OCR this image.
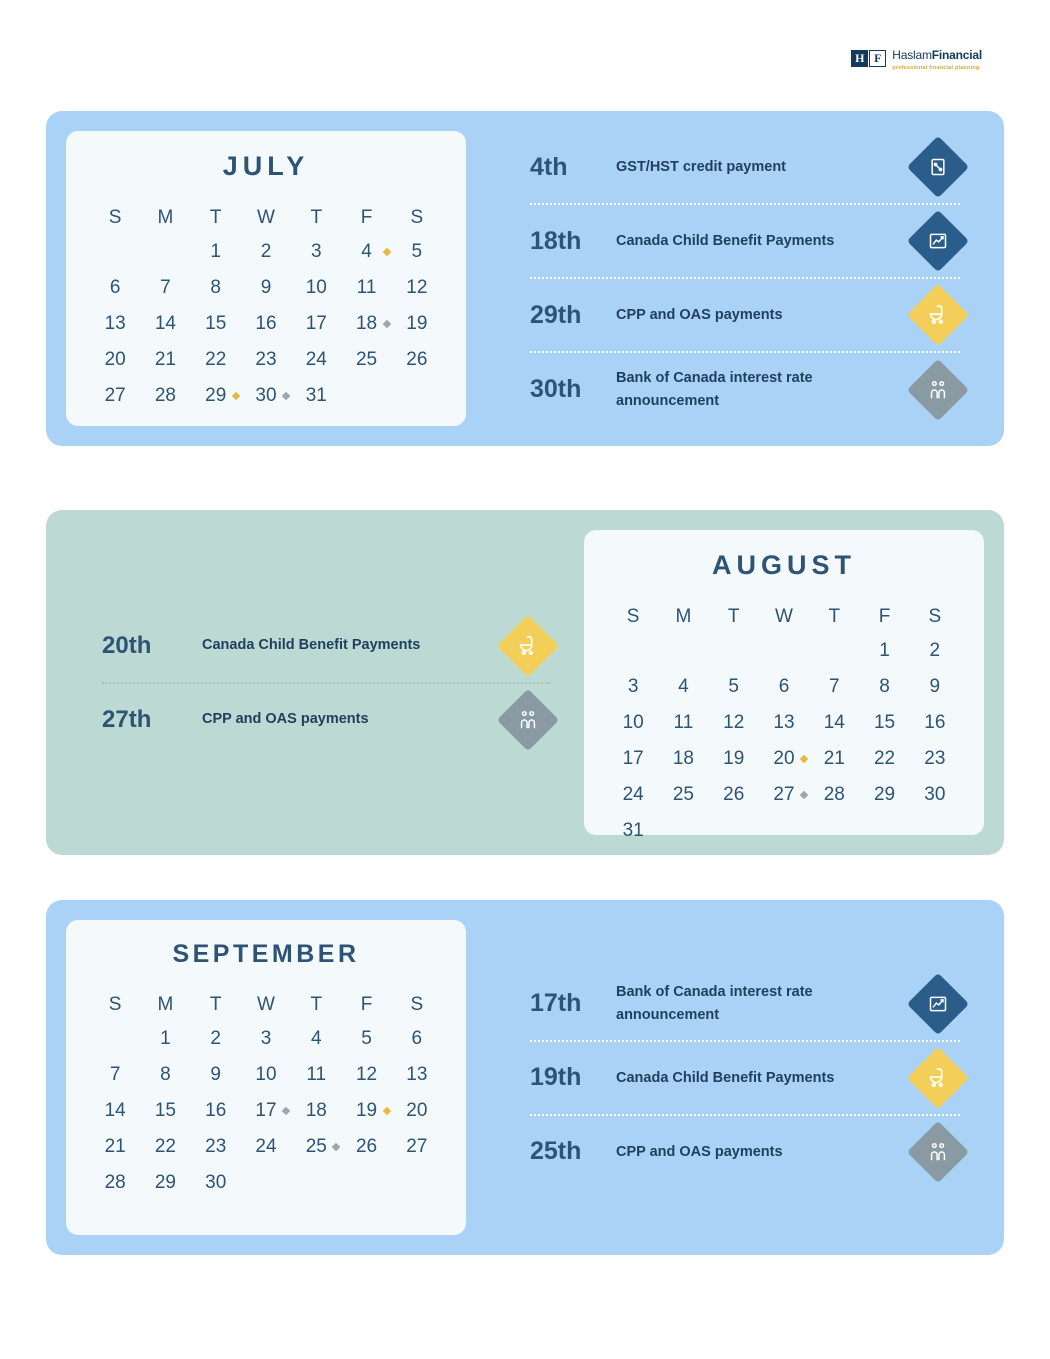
H F HaslamFinancial
professional financial planning
JULY
S	M	T	W	T	F	S
		1	2	3	4	5
6	7	8	9	10	11	12
13	14	15	16	17	18	19
20	21	22	23	24	25	26
27	28	29	30	31		
4th	GST/HST credit payment
18th	Canada Child Benefit Payments
29th	CPP and OAS payments
30th	Bank of Canada interest rate announcement
20th	Canada Child Benefit Payments
27th	CPP and OAS payments
AUGUST
S	M	T	W	T	F	S
					1	2
3	4	5	6	7	8	9
10	11	12	13	14	15	16
17	18	19	20	21	22	23
24	25	26	27	28	29	30
31						
SEPTEMBER
S	M	T	W	T	F	S
	1	2	3	4	5	6
7	8	9	10	11	12	13
14	15	16	17	18	19	20
21	22	23	24	25	26	27
28	29	30				
17th	Bank of Canada interest rate announcement
19th	Canada Child Benefit Payments
25th	CPP and OAS payments
